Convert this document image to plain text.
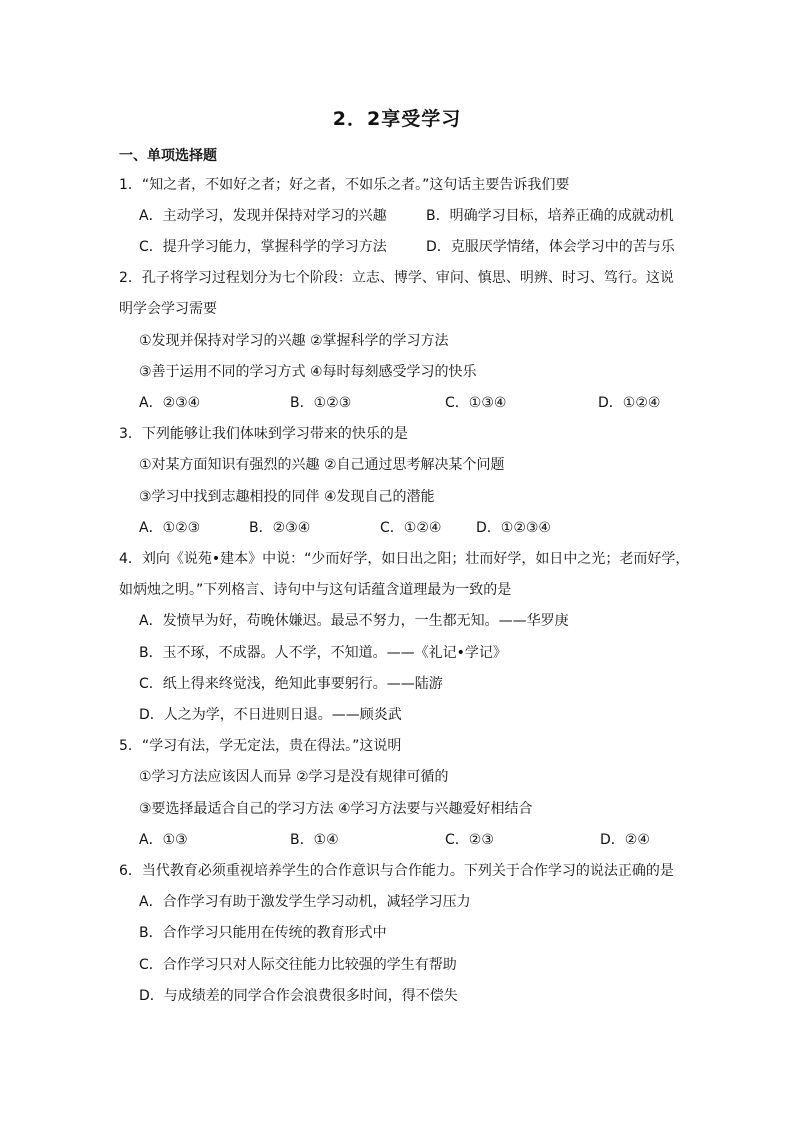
2．2享受学习
一、单项选择题
1．“知之者，不如好之者；好之者，不如乐之者。”这句话主要告诉我们要
A．主动学习，发现并保持对学习的兴趣	B．明确学习目标，培养正确的成就动机
C．提升学习能力，掌握科学的学习方法	D．克服厌学情绪，体会学习中的苦与乐
2．孔子将学习过程划分为七个阶段：立志、博学、审问、慎思、明辨、时习、笃行。这说
明学会学习需要
①发现并保持对学习的兴趣 ②掌握科学的学习方法
③善于运用不同的学习方式 ④每时每刻感受学习的快乐
A．②③④	B．①②③	C．①③④	D．①②④
3．下列能够让我们体味到学习带来的快乐的是
①对某方面知识有强烈的兴趣 ②自己通过思考解决某个问题
③学习中找到志趣相投的同伴 ④发现自己的潜能
A．①②③	B．②③④	C．①②④ D．①②③④
4．刘向《说苑•建本》中说：“少而好学，如日出之阳；壮而好学，如日中之光；老而好学，
如炳烛之明。”下列格言、诗句中与这句话蕴含道理最为一致的是
A．发愤早为好，苟晚休嫌迟。最忌不努力，一生都无知。——华罗庚
B．玉不琢，不成器。人不学，不知道。——《礼记•学记》
C．纸上得来终觉浅，绝知此事要躬行。——陆游
D．人之为学，不日进则日退。——顾炎武
5．“学习有法，学无定法，贵在得法。”这说明
①学习方法应该因人而异 ②学习是没有规律可循的
③要选择最适合自己的学习方法 ④学习方法要与兴趣爱好相结合
A．①③	B．①④	C．②③	D．②④
6．当代教育必须重视培养学生的合作意识与合作能力。下列关于合作学习的说法正确的是
A．合作学习有助于激发学生学习动机，减轻学习压力
B．合作学习只能用在传统的教育形式中
C．合作学习只对人际交往能力比较强的学生有帮助
D．与成绩差的同学合作会浪费很多时间，得不偿失
